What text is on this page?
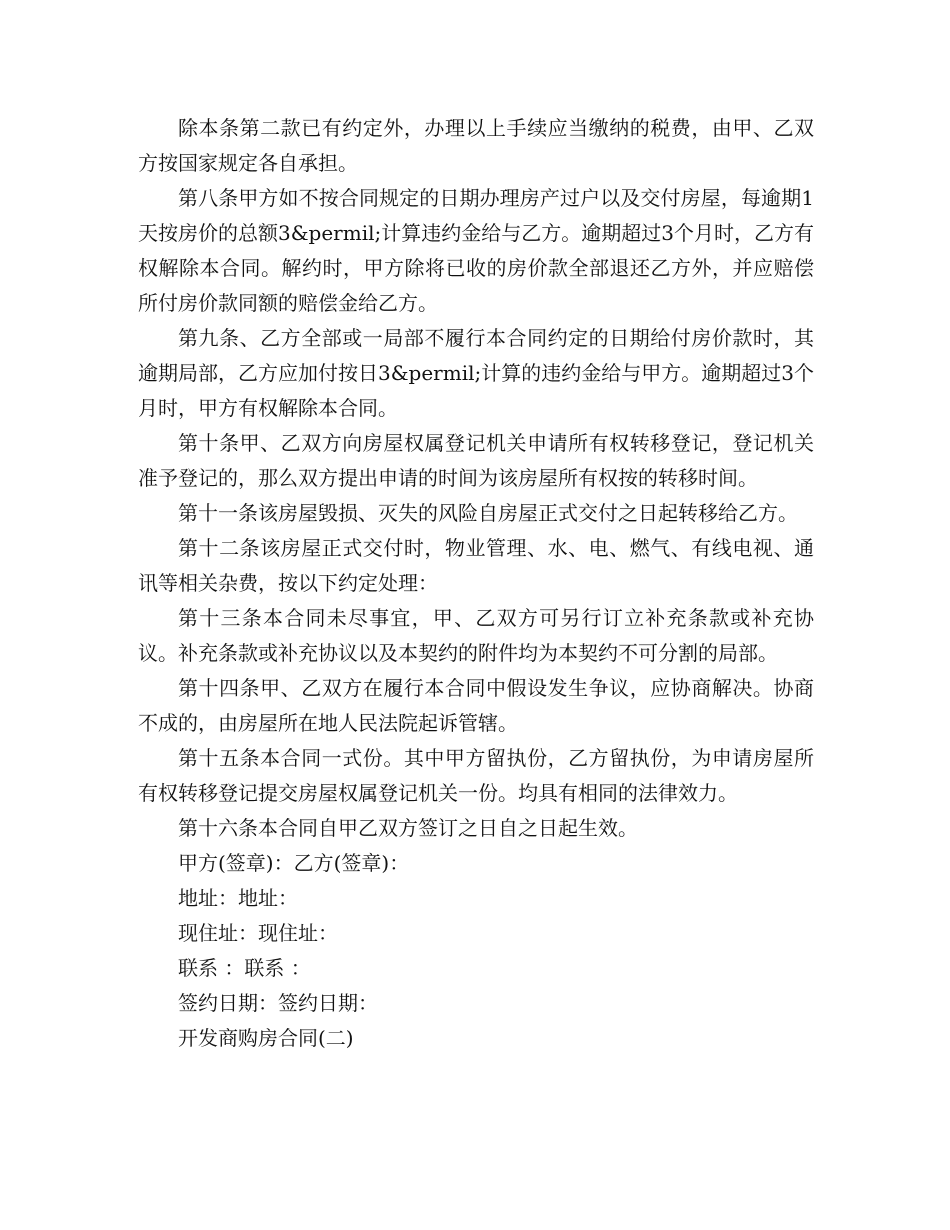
除本条第二款已有约定外，办理以上手续应当缴纳的税费，由甲、乙双方按国家规定各自承担。

第八条甲方如不按合同规定的日期办理房产过户以及交付房屋，每逾期1天按房价的总额3&permil;计算违约金给与乙方。逾期超过3个月时，乙方有权解除本合同。解约时，甲方除将已收的房价款全部退还乙方外，并应赔偿所付房价款同额的赔偿金给乙方。

第九条、乙方全部或一局部不履行本合同约定的日期给付房价款时，其逾期局部，乙方应加付按日3&permil;计算的违约金给与甲方。逾期超过3个月时，甲方有权解除本合同。

第十条甲、乙双方向房屋权属登记机关申请所有权转移登记，登记机关准予登记的，那么双方提出申请的时间为该房屋所有权按的转移时间。

第十一条该房屋毁损、灭失的风险自房屋正式交付之日起转移给乙方。

第十二条该房屋正式交付时，物业管理、水、电、燃气、有线电视、通讯等相关杂费，按以下约定处理：

第十三条本合同未尽事宜，甲、乙双方可另行订立补充条款或补充协议。补充条款或补充协议以及本契约的附件均为本契约不可分割的局部。

第十四条甲、乙双方在履行本合同中假设发生争议，应协商解决。协商不成的，由房屋所在地人民法院起诉管辖。

第十五条本合同一式份。其中甲方留执份，乙方留执份，为申请房屋所有权转移登记提交房屋权属登记机关一份。均具有相同的法律效力。

第十六条本合同自甲乙双方签订之日自之日起生效。

甲方(签章)：乙方(签章)：

地址：地址：

现住址：现住址：

联系 ：联系 ：

签约日期：签约日期：

开发商购房合同(二)
